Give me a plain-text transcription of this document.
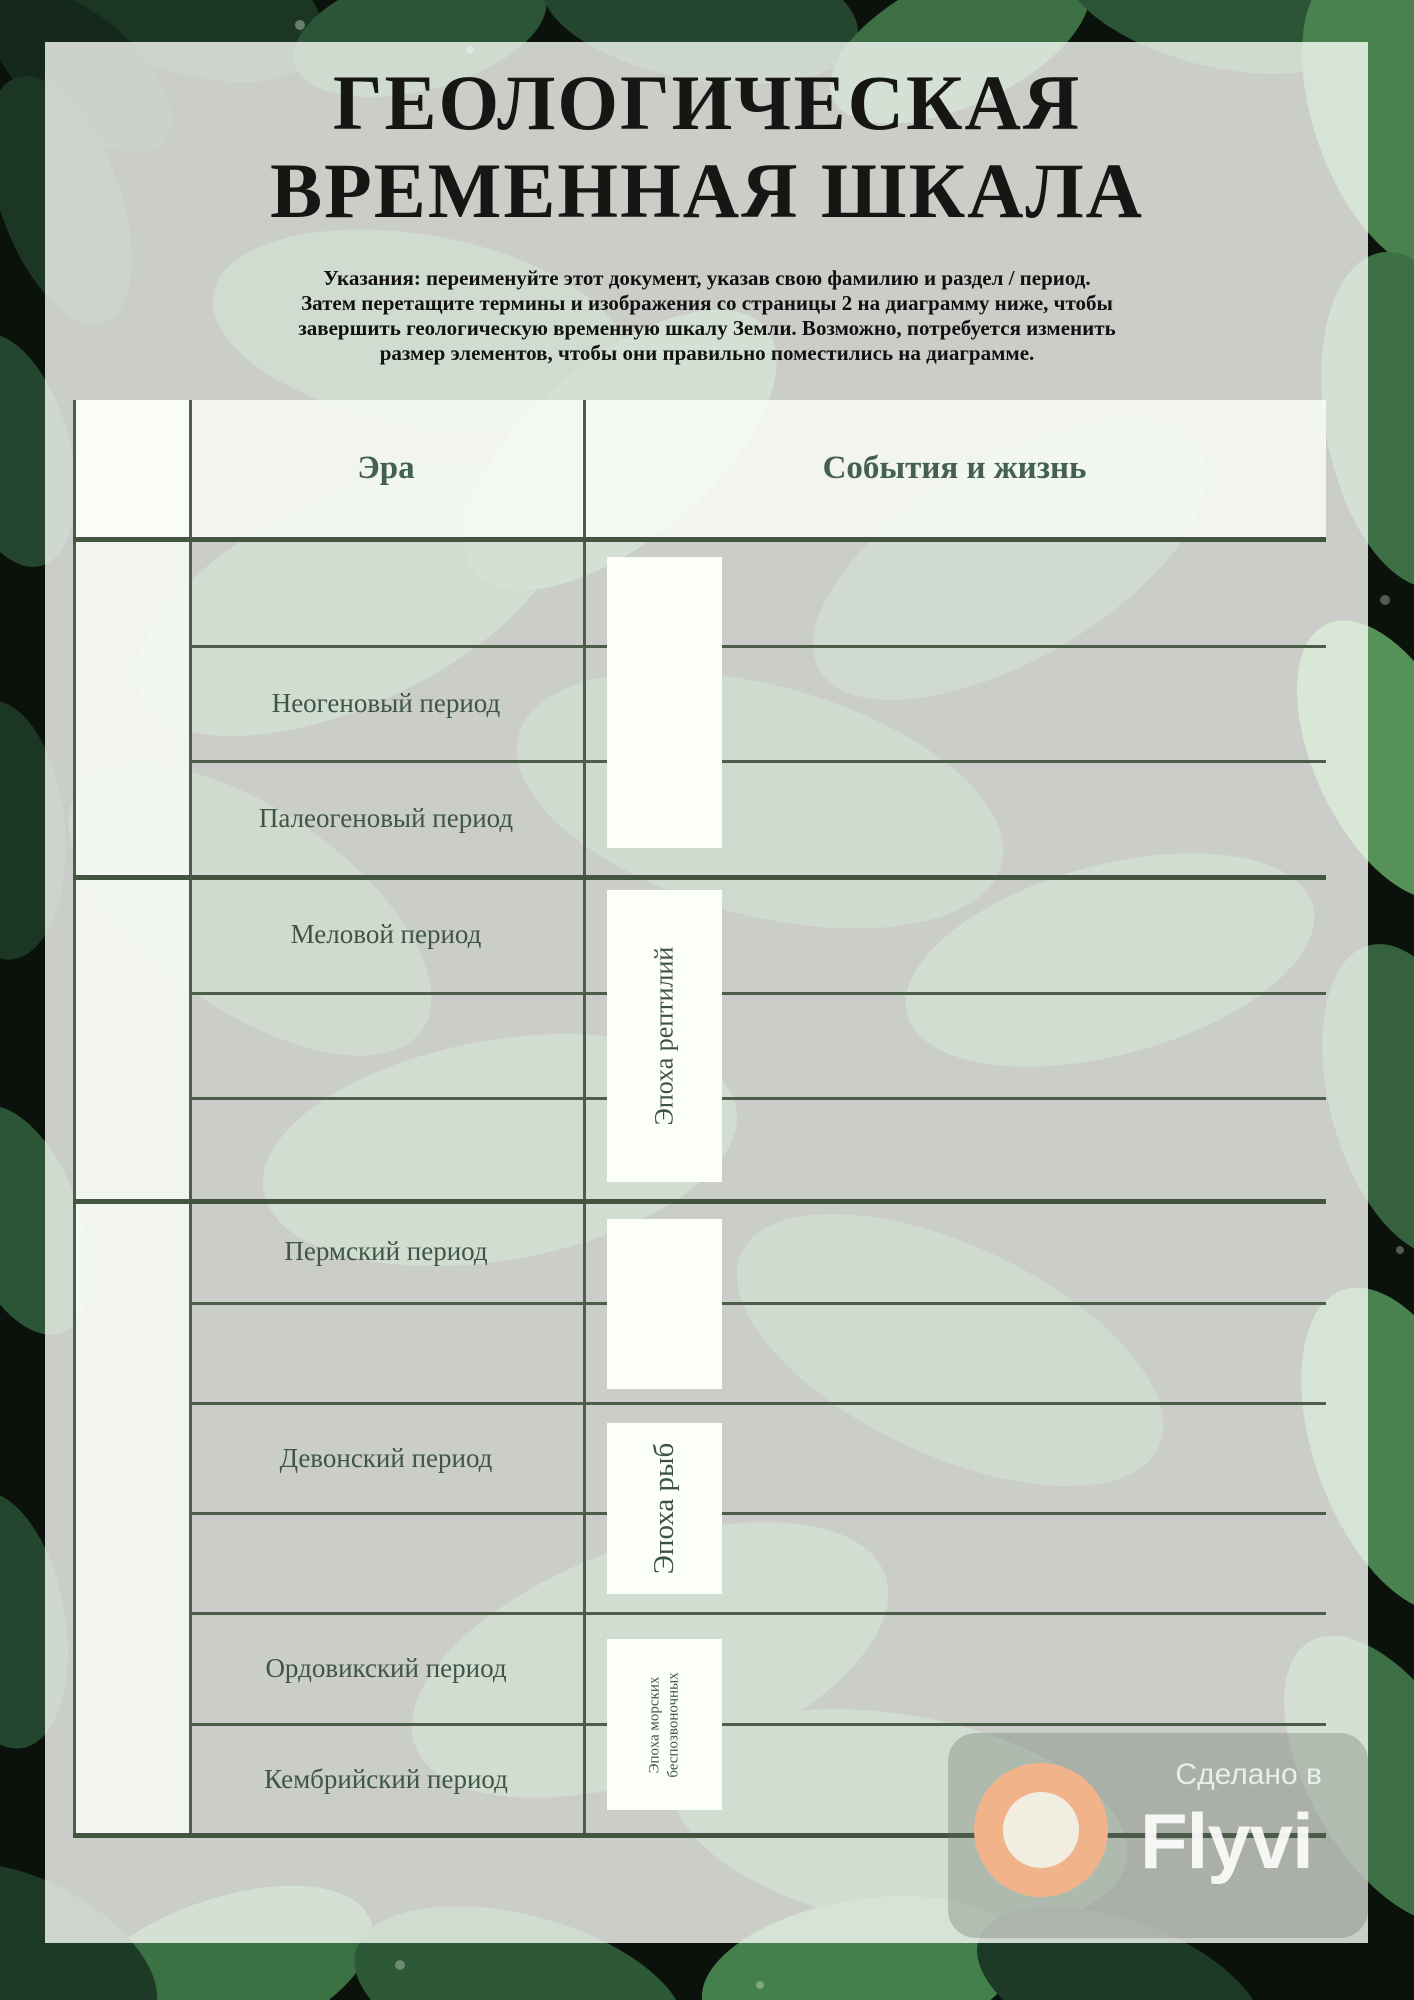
ГЕОЛОГИЧЕСКАЯ
ВРЕМЕННАЯ ШКАЛА
Указания: переименуйте этот документ, указав свою фамилию и раздел / период.
Затем перетащите термины и изображения со страницы 2 на диаграмму ниже, чтобы
завершить геологическую временную шкалу Земли. Возможно, потребуется изменить
размер элементов, чтобы они правильно поместились на диаграмме.
Эра	События и жизнь
Неогеновый период
Палеогеновый период
Меловой период
Пермский период
Девонский период
Ордовикский период
Кембрийский период
Эпоха рептилий
Эпоха рыб
Эпоха морских беспозвоночных	Сделано в
Flyvi
